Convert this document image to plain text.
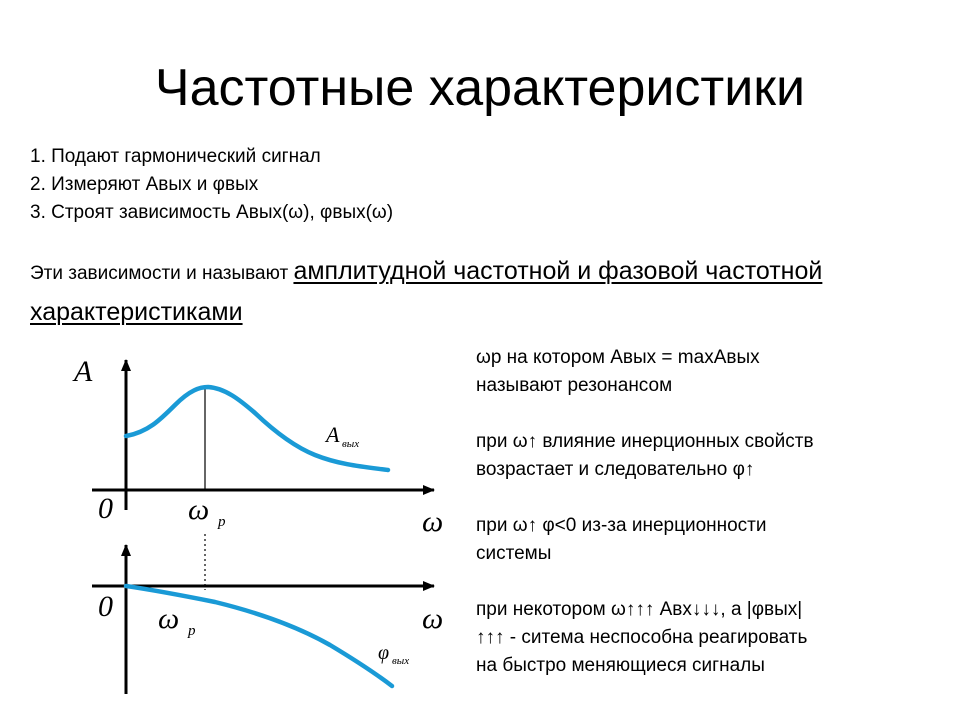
Частотные характеристики
1. Подают гармонический сигнал
2. Измеряют Aвых и φвых
3. Строят зависимость Aвых(ω), φвых(ω)
Эти зависимости и называют амплитудной частотной и фазовой частотной характеристиками
ωр на котором Aвых = maxAвых
называют резонансом
при ω↑ влияние инерционных свойств
возрастает и следовательно φ↑
при ω↑ φ<0 из-за инерционности
системы
при некотором ω↑↑↑ Aвх↓↓↓, а |φвых|
↑↑↑ - ситема неспособна реагировать
на быстро меняющиеся сигналы
A
0	ω
ω p
A вых
0	ω
ω p
φ вых
